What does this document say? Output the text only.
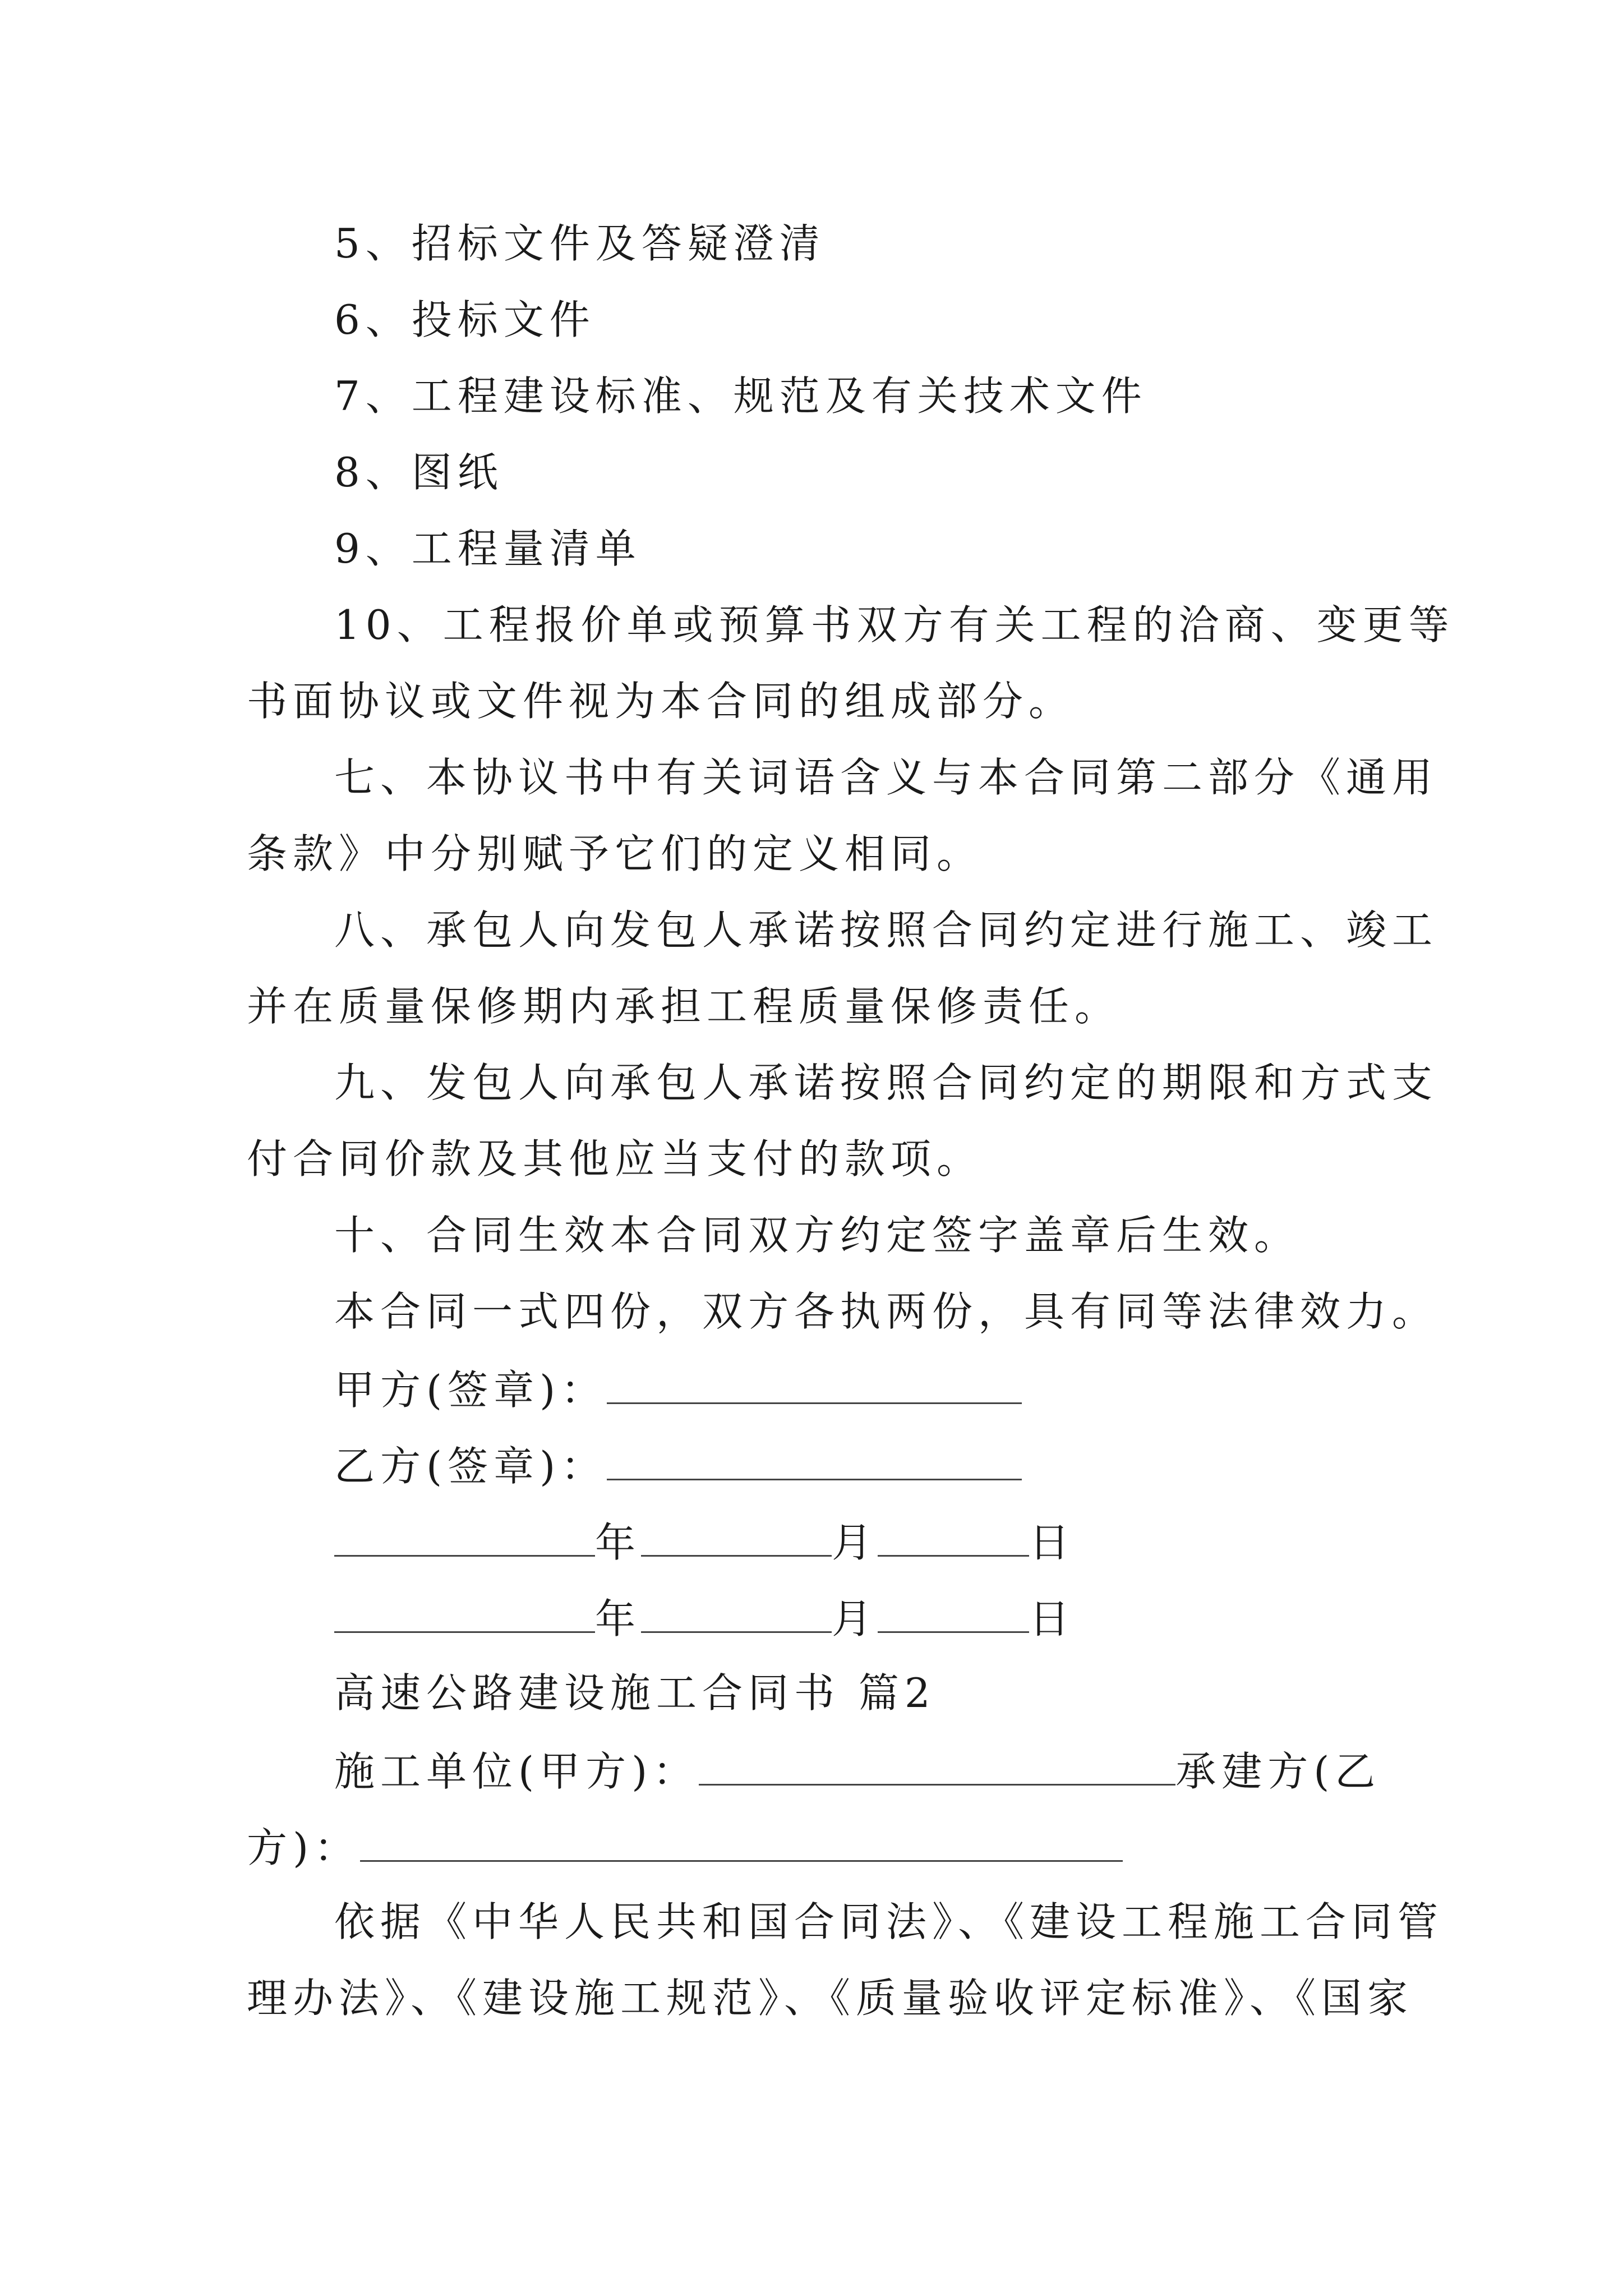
5、招标文件及答疑澄清
6、投标文件
7、工程建设标准、规范及有关技术文件
8、图纸
9、工程量清单
10、工程报价单或预算书双方有关工程的洽商、变更等
书面协议或文件视为本合同的组成部分。
七、本协议书中有关词语含义与本合同第二部分《通用
条款》中分别赋予它们的定义相同。
八、承包人向发包人承诺按照合同约定进行施工、竣工
并在质量保修期内承担工程质量保修责任。
九、发包人向承包人承诺按照合同约定的期限和方式支
付合同价款及其他应当支付的款项。
十、合同生效本合同双方约定签字盖章后生效。
本合同一式四份，双方各执两份，具有同等法律效力。
甲方(签章)：
乙方(签章)：
年	月	日
年	月	日
高速公路建设施工合同书 篇2
施工单位(甲方)：	承建方(乙
方)：
依据《中华人民共和国合同法》、《建设工程施工合同管
理办法》、《建设施工规范》、《质量验收评定标准》、《国家
